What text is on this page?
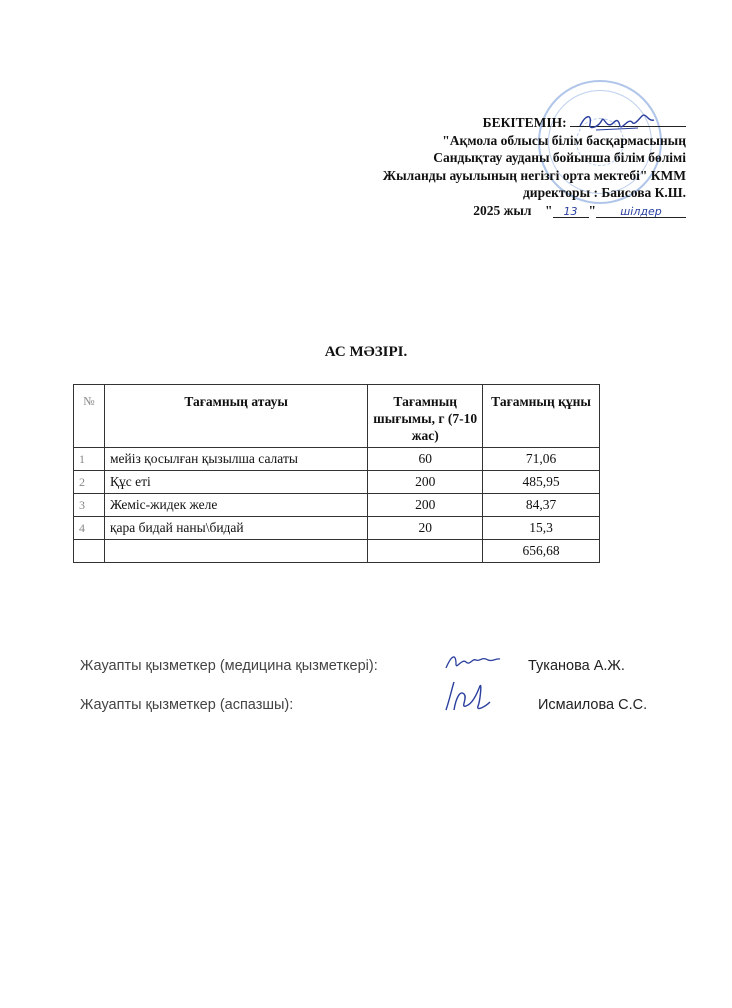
БЕКІТЕМІН:
"Ақмола облысы білім басқармасының
Сандықтау ауданы бойынша білім бөлімі
Жыланды ауылының негізгі орта мектебі" КММ
директоры : Баисова К.Ш.
2025 жыл " 13 " шілдер
АС МӘЗІРІ.
№	Тағамның атауы	Тағамның шығымы, г (7-10 жас)	Тағамның құны
1	мейіз қосылған қызылша салаты	60	71,06
2	Құс еті	200	485,95
3	Жеміс-жидек желе	200	84,37
4	қара бидай наны\бидай	20	15,3
			656,68
Жауапты қызметкер (медицина қызметкері):	Туканова А.Ж.
Жауапты қызметкер (аспазшы):	Исмаилова С.С.
